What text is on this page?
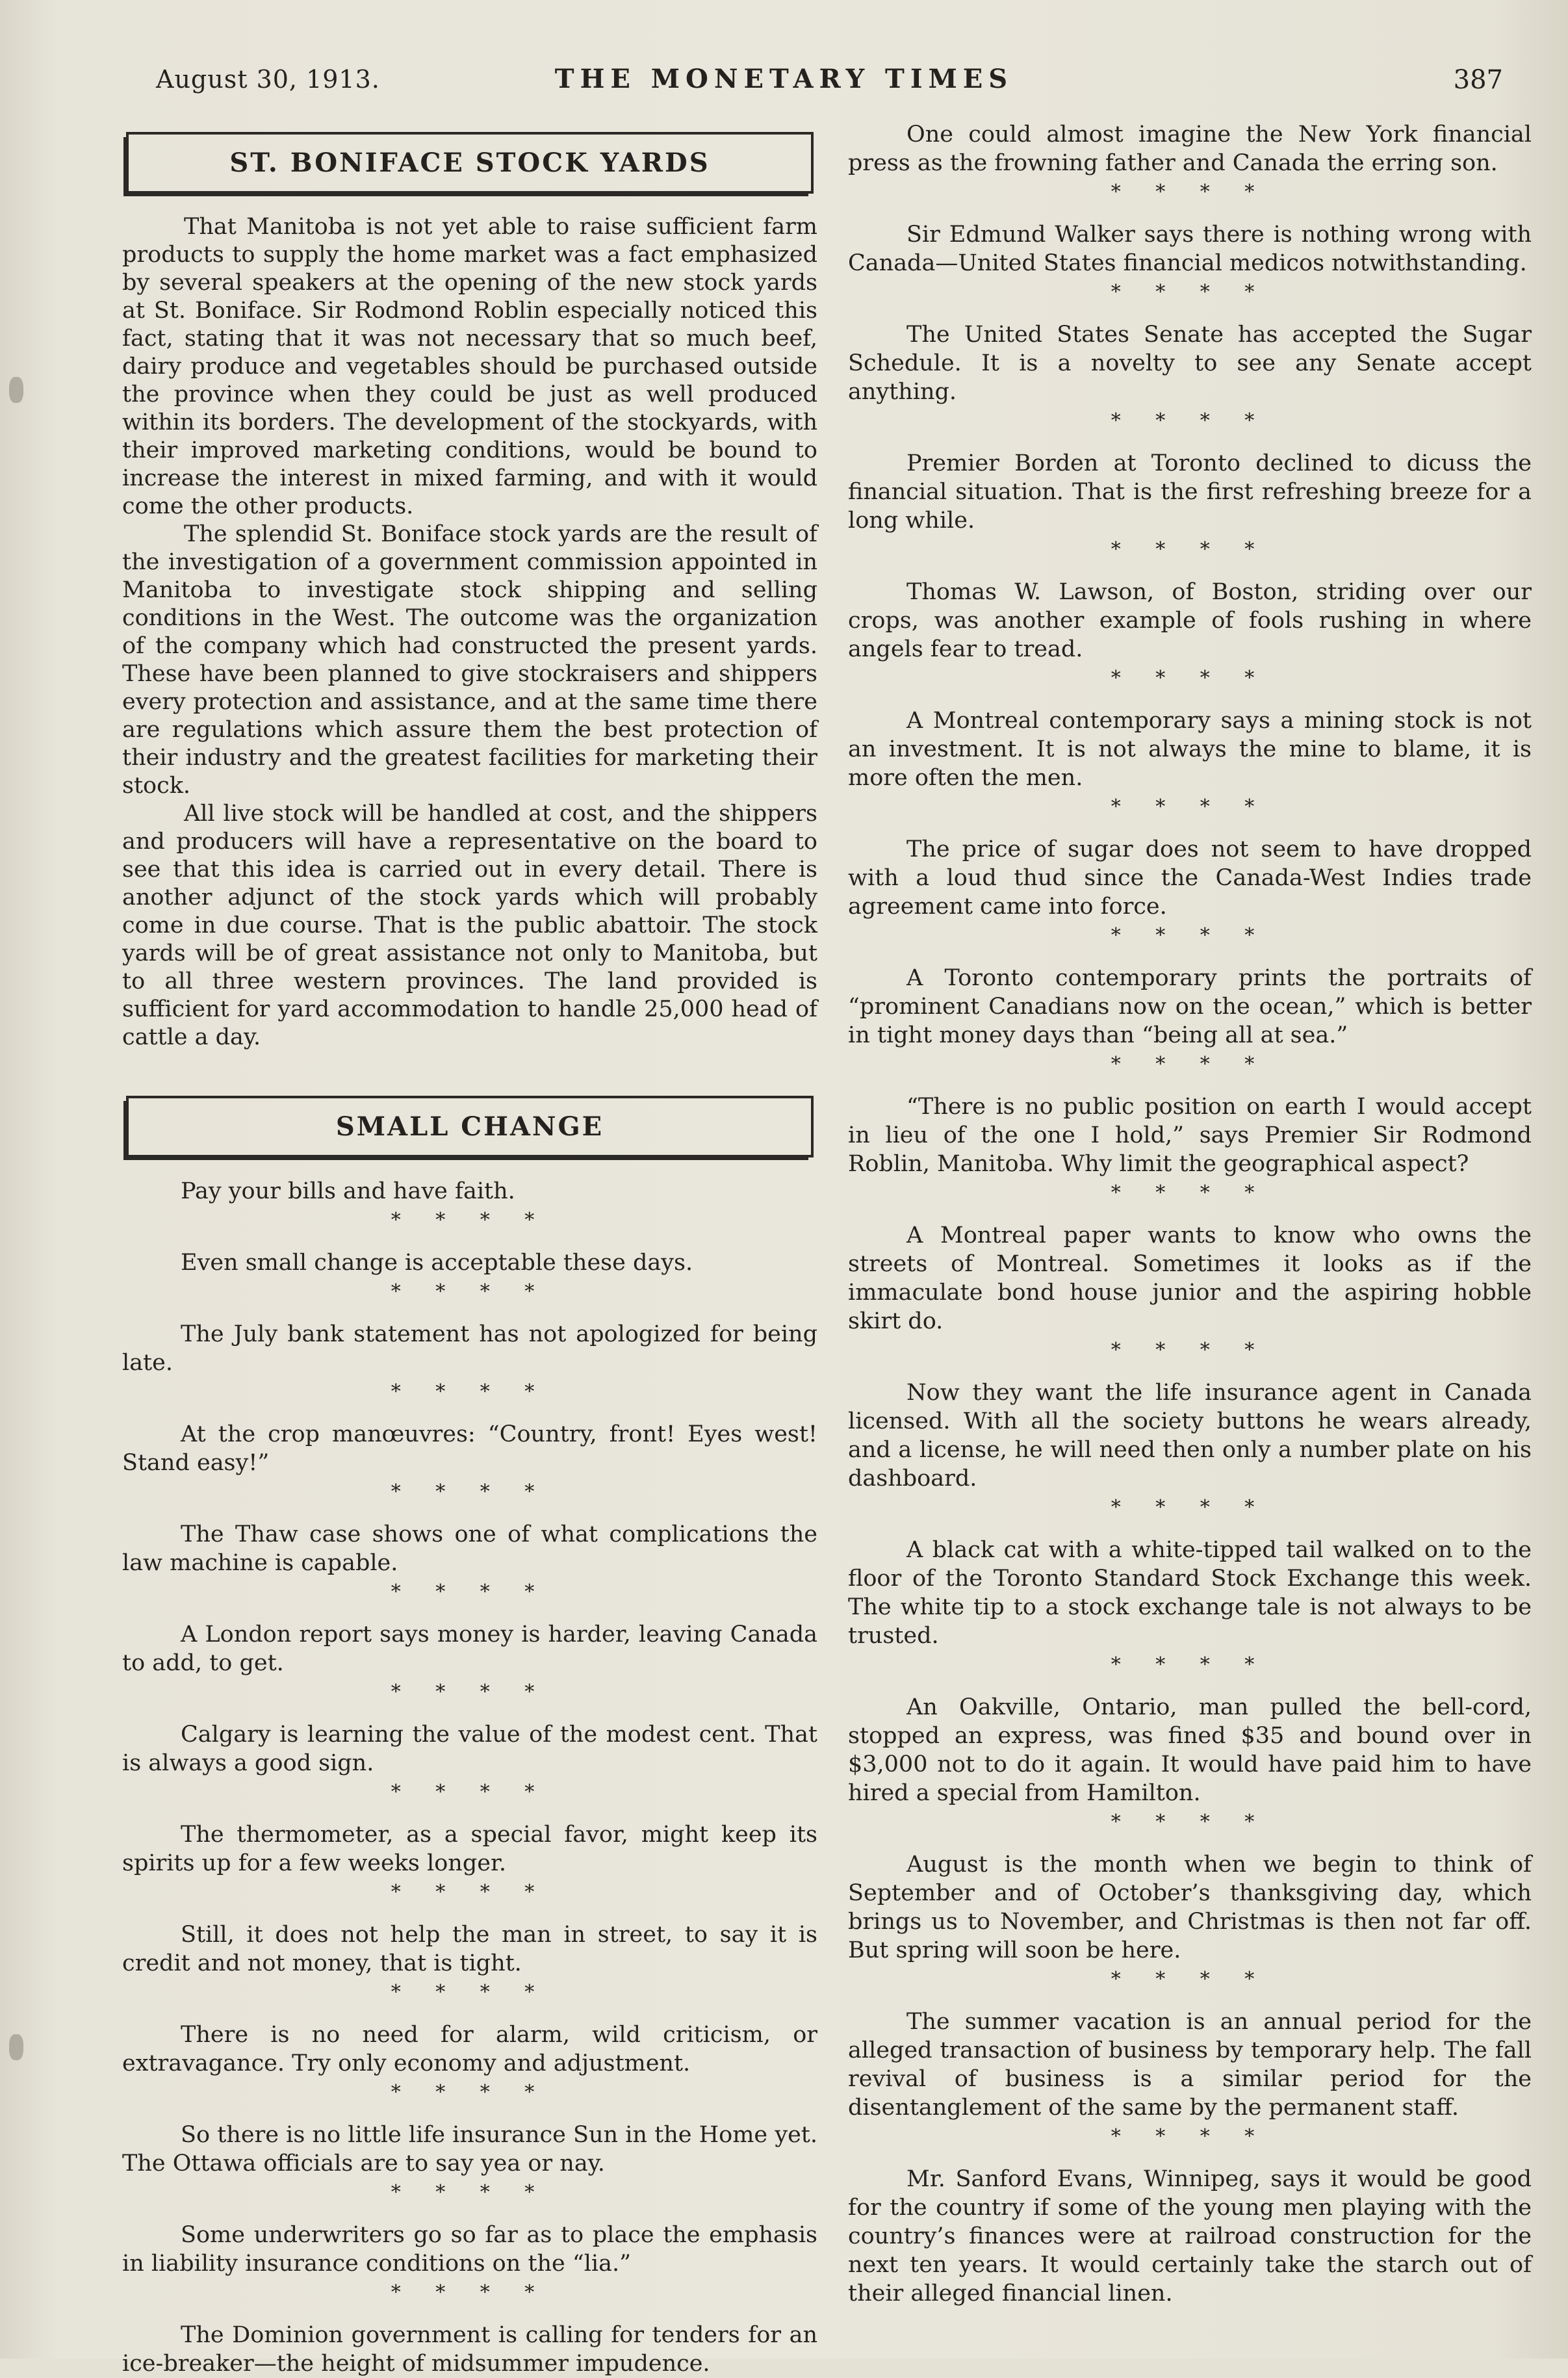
August 30, 1913.	THE MONETARY TIMES	387
ST. BONIFACE STOCK YARDS

That Manitoba is not yet able to raise sufficient farm products to supply the home market was a fact emphasized by several speakers at the opening of the new stock yards at St. Boniface. Sir Rodmond Roblin especially noticed this fact, stating that it was not necessary that so much beef, dairy produce and vegetables should be purchased outside the province when they could be just as well produced within its borders. The development of the stockyards, with their improved marketing conditions, would be bound to increase the interest in mixed farming, and with it would come the other products.

The splendid St. Boniface stock yards are the result of the investigation of a government commission appointed in Manitoba to investigate stock shipping and selling conditions in the West. The outcome was the organization of the company which had constructed the present yards. These have been planned to give stockraisers and shippers every protection and assistance, and at the same time there are regulations which assure them the best protection of their industry and the greatest facilities for marketing their stock.

All live stock will be handled at cost, and the shippers and producers will have a representative on the board to see that this idea is carried out in every detail. There is another adjunct of the stock yards which will probably come in due course. That is the public abattoir. The stock yards will be of great assistance not only to Manitoba, but to all three western provinces. The land provided is sufficient for yard accommodation to handle 25,000 head of cattle a day.

SMALL CHANGE

Pay your bills and have faith.

* * * *

Even small change is acceptable these days.

* * * *

The July bank statement has not apologized for being late.

* * * *

At the crop manœuvres: “Country, front! Eyes west! Stand easy!”

* * * *

The Thaw case shows one of what complications the law machine is capable.

* * * *

A London report says money is harder, leaving Canada to add, to get.

* * * *

Calgary is learning the value of the modest cent. That is always a good sign.

* * * *

The thermometer, as a special favor, might keep its spirits up for a few weeks longer.

* * * *

Still, it does not help the man in street, to say it is credit and not money, that is tight.

* * * *

There is no need for alarm, wild criticism, or extravagance. Try only economy and adjustment.

* * * *

So there is no little life insurance Sun in the Home yet. The Ottawa officials are to say yea or nay.

* * * *

Some underwriters go so far as to place the emphasis in liability insurance conditions on the “lia.”

* * * *

The Dominion government is calling for tenders for an ice-breaker—the height of midsummer impudence.

One could almost imagine the New York financial press as the frowning father and Canada the erring son.

* * * *

Sir Edmund Walker says there is nothing wrong with Canada—United States financial medicos notwithstanding.

* * * *

The United States Senate has accepted the Sugar Schedule. It is a novelty to see any Senate accept anything.

* * * *

Premier Borden at Toronto declined to dicuss the financial situation. That is the first refreshing breeze for a long while.

* * * *

Thomas W. Lawson, of Boston, striding over our crops, was another example of fools rushing in where angels fear to tread.

* * * *

A Montreal contemporary says a mining stock is not an investment. It is not always the mine to blame, it is more often the men.

* * * *

The price of sugar does not seem to have dropped with a loud thud since the Canada-West Indies trade agreement came into force.

* * * *

A Toronto contemporary prints the portraits of “prominent Canadians now on the ocean,” which is better in tight money days than “being all at sea.”

* * * *

“There is no public position on earth I would accept in lieu of the one I hold,” says Premier Sir Rodmond Roblin, Manitoba. Why limit the geographical aspect?

* * * *

A Montreal paper wants to know who owns the streets of Montreal. Sometimes it looks as if the immaculate bond house junior and the aspiring hobble skirt do.

* * * *

Now they want the life insurance agent in Canada licensed. With all the society buttons he wears already, and a license, he will need then only a number plate on his dashboard.

* * * *

A black cat with a white-tipped tail walked on to the floor of the Toronto Standard Stock Exchange this week. The white tip to a stock exchange tale is not always to be trusted.

* * * *

An Oakville, Ontario, man pulled the bell-cord, stopped an express, was fined $35 and bound over in $3,000 not to do it again. It would have paid him to have hired a special from Hamilton.

* * * *

August is the month when we begin to think of September and of October’s thanksgiving day, which brings us to November, and Christmas is then not far off. But spring will soon be here.

* * * *

The summer vacation is an annual period for the alleged transaction of business by temporary help. The fall revival of business is a similar period for the disentanglement of the same by the permanent staff.

* * * *

Mr. Sanford Evans, Winnipeg, says it would be good for the country if some of the young men playing with the country’s finances were at railroad construction for the next ten years. It would certainly take the starch out of their alleged financial linen.
